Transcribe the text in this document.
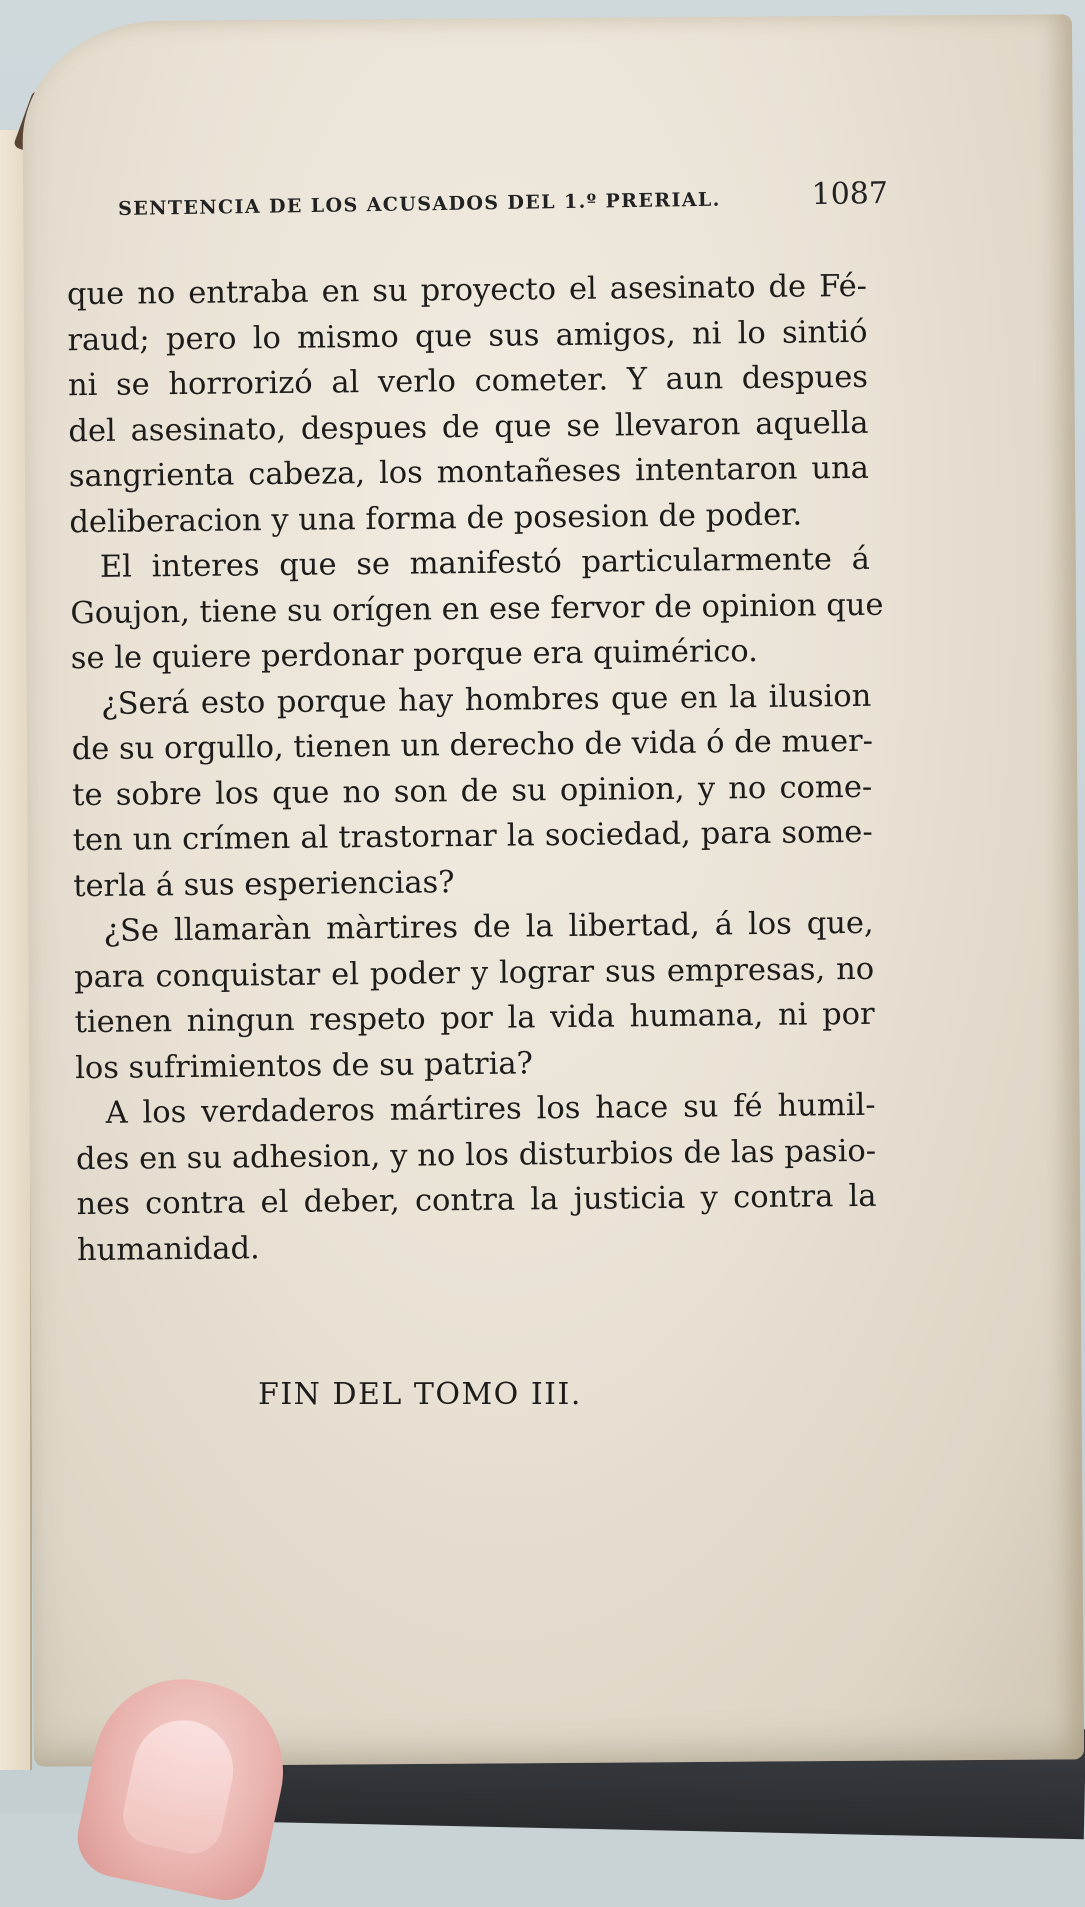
SENTENCIA DE LOS ACUSADOS DEL 1.º PRERIAL.	1087
que no entraba en su proyecto el asesinato de Fé-
raud; pero lo mismo que sus amigos, ni lo sintió
ni se horrorizó al verlo cometer. Y aun despues
del asesinato, despues de que se llevaron aquella
sangrienta cabeza, los montañeses intentaron una
deliberacion y una forma de posesion de poder.
El interes que se manifestó particularmente á
Goujon, tiene su orígen en ese fervor de opinion que
se le quiere perdonar porque era quimérico.
¿Será esto porque hay hombres que en la ilusion
de su orgullo, tienen un derecho de vida ó de muer-
te sobre los que no son de su opinion, y no come-
ten un crímen al trastornar la sociedad, para some-
terla á sus esperiencias?
¿Se llamaràn màrtires de la libertad, á los que,
para conquistar el poder y lograr sus empresas, no
tienen ningun respeto por la vida humana, ni por
los sufrimientos de su patria?
A los verdaderos mártires los hace su fé humil-
des en su adhesion, y no los disturbios de las pasio-
nes contra el deber, contra la justicia y contra la
humanidad.
FIN DEL TOMO III.
